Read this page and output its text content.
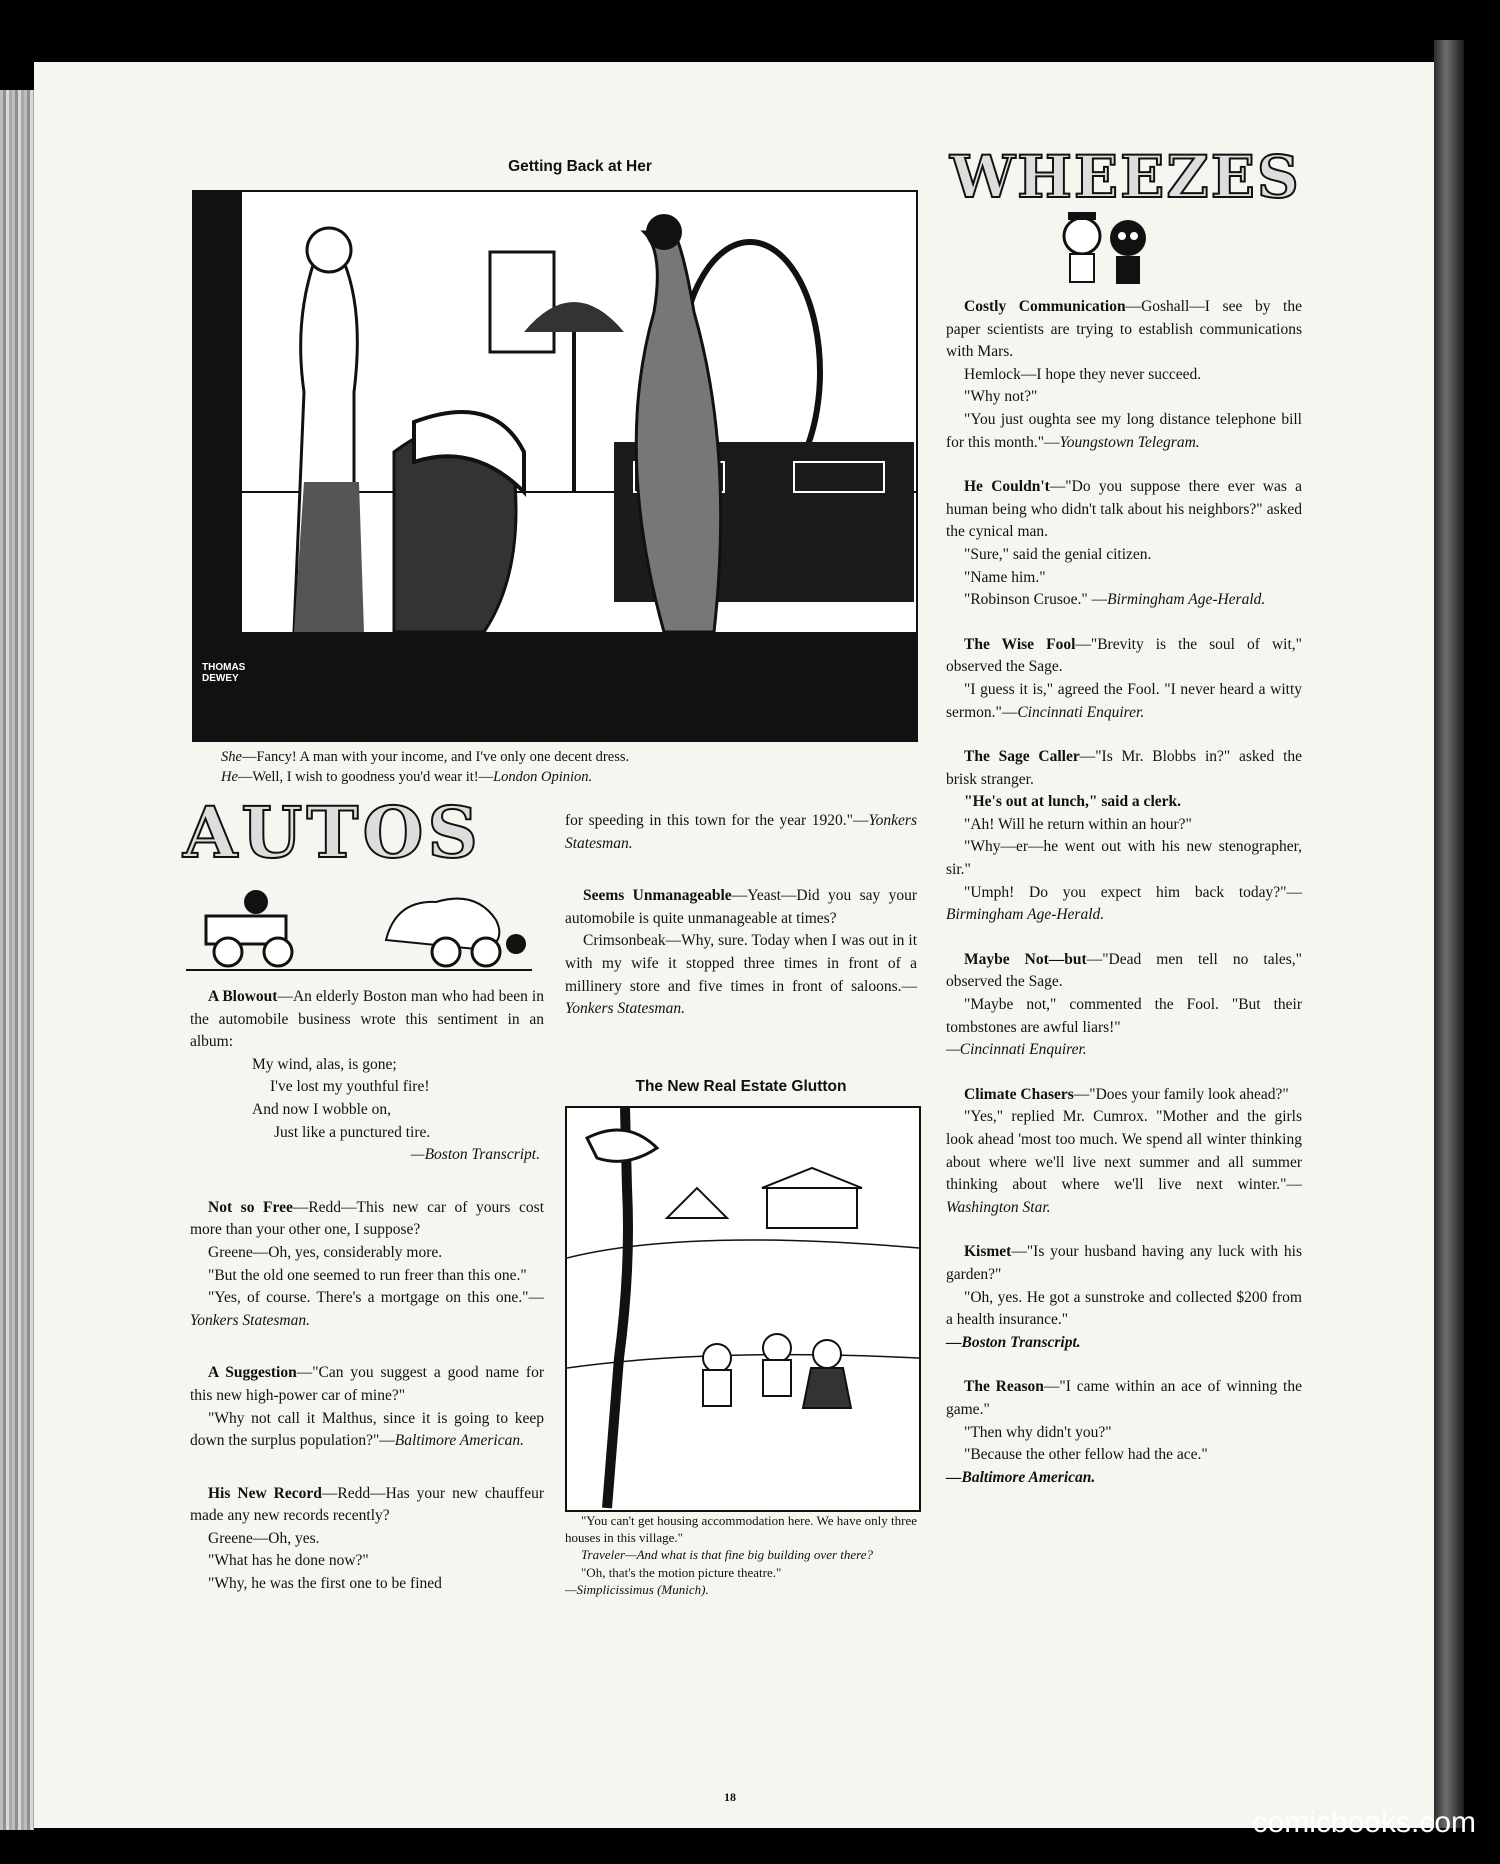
Getting Back at Her
THOMAS DEWEY
She—Fancy! A man with your income, and I've only one decent dress.
He—Well, I wish to goodness you'd wear it!—London Opinion.
AUTOS

A Blowout—An elderly Boston man who had been in the automobile business wrote this sentiment in an album:

My wind, alas, is gone;
I've lost my youthful fire!
And now I wobble on,
Just like a punctured tire.
—Boston Transcript.

Not so Free—Redd—This new car of yours cost more than your other one, I suppose?

Greene—Oh, yes, considerably more.

"But the old one seemed to run freer than this one."

"Yes, of course. There's a mortgage on this one."—Yonkers Statesman.

A Suggestion—"Can you suggest a good name for this new high-power car of mine?"

"Why not call it Malthus, since it is going to keep down the surplus population?"—Baltimore American.

His New Record—Redd—Has your new chauffeur made any new records recently?

Greene—Oh, yes.

"What has he done now?"

"Why, he was the first one to be fined

for speeding in this town for the year 1920."—Yonkers Statesman.

Seems Unmanageable—Yeast—Did you say your automobile is quite unmanageable at times?

Crimsonbeak—Why, sure. Today when I was out in it with my wife it stopped three times in front of a millinery store and five times in front of saloons.—Yonkers Statesman.

The New Real Estate Glutton
"You can't get housing accommodation here. We have only three houses in this village."
Traveler—And what is that fine big building over there?
"Oh, that's the motion picture theatre."
—Simplicissimus (Munich).
WHEEZES

Costly Communication—Goshall—I see by the paper scientists are trying to establish communications with Mars.

Hemlock—I hope they never succeed.

"Why not?"

"You just oughta see my long distance telephone bill for this month."—Youngstown Telegram.

He Couldn't—"Do you suppose there ever was a human being who didn't talk about his neighbors?" asked the cynical man.

"Sure," said the genial citizen.

"Name him."

"Robinson Crusoe." —Birmingham Age-Herald.

The Wise Fool—"Brevity is the soul of wit," observed the Sage.

"I guess it is," agreed the Fool. "I never heard a witty sermon."—Cincinnati Enquirer.

The Sage Caller—"Is Mr. Blobbs in?" asked the brisk stranger.

"He's out at lunch," said a clerk.

"Ah! Will he return within an hour?"

"Why—er—he went out with his new stenographer, sir."

"Umph! Do you expect him back today?"—Birmingham Age-Herald.

Maybe Not—but—"Dead men tell no tales," observed the Sage.

"Maybe not," commented the Fool. "But their tombstones are awful liars!"

—Cincinnati Enquirer.

Climate Chasers—"Does your family look ahead?"

"Yes," replied Mr. Cumrox. "Mother and the girls look ahead 'most too much. We spend all winter thinking about where we'll live next summer and all summer thinking about where we'll live next winter."—Washington Star.

Kismet—"Is your husband having any luck with his garden?"

"Oh, yes. He got a sunstroke and collected $200 from a health insurance."

—Boston Transcript.

The Reason—"I came within an ace of winning the game."

"Then why didn't you?"

"Because the other fellow had the ace."

—Baltimore American.

18
comicbooks.com
